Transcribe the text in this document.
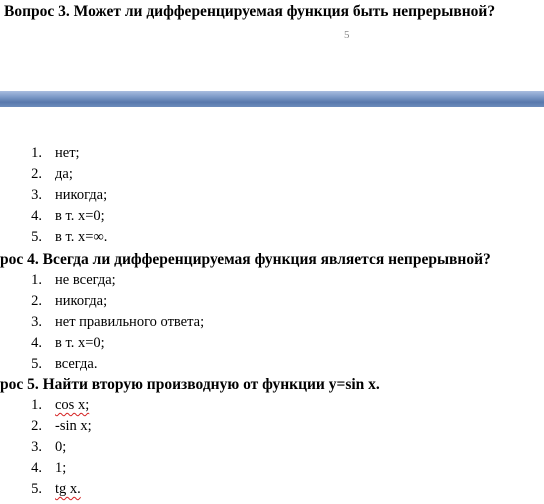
Вопрос 3. Может ли дифференцируемая функция быть непрерывной?
5
1. нет;
2. да;
3. никогда;
4. в т. x=0;
5. в т. x=∞.
рос 4. Всегда ли дифференцируемая функция является непрерывной?
1. не всегда;
2. никогда;
3. нет правильного ответа;
4. в т. x=0;
5. всегда.
рос 5. Найти вторую производную от функции y=sin x.
1. cos x;
2. -sin x;
3. 0;
4. 1;
5. tg x.
